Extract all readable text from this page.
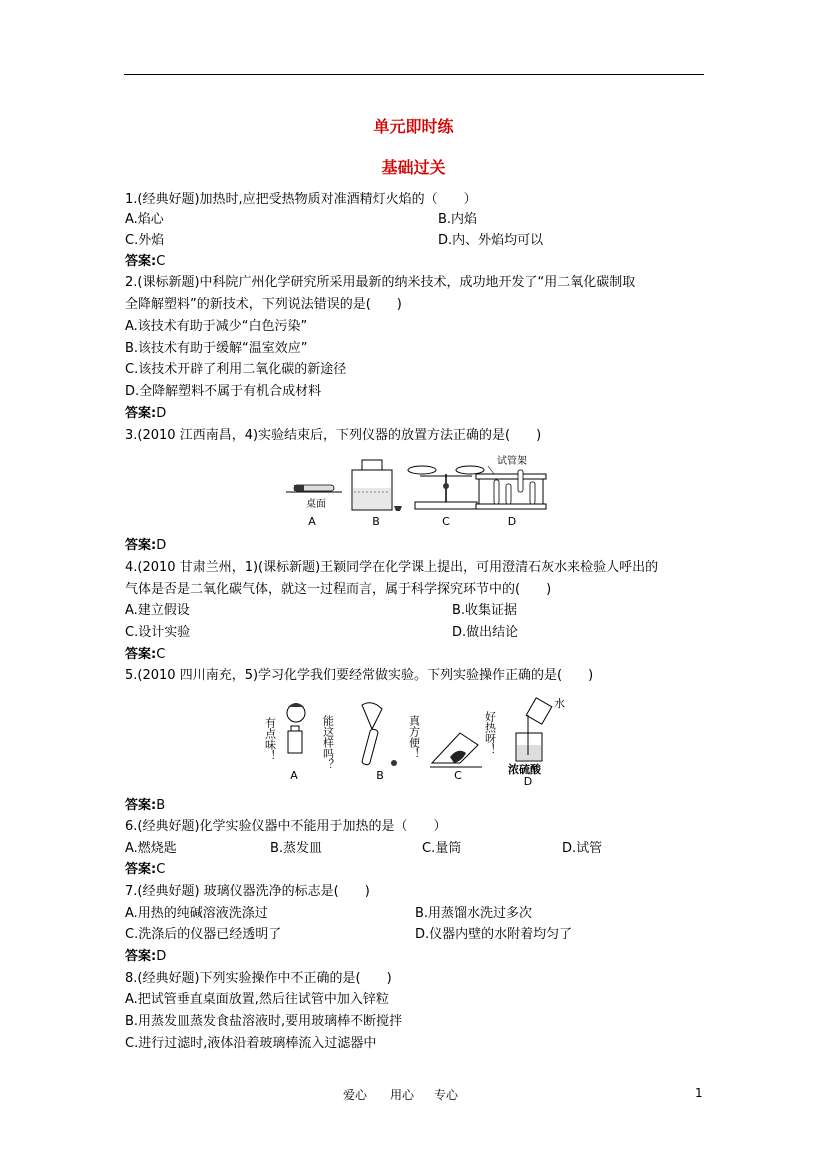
单元即时练
基础过关
1.(经典好题)加热时,应把受热物质对准酒精灯火焰的（　　）
A.焰心	B.内焰
C.外焰	D.内、外焰均可以
答案:C
2.(课标新题)中科院广州化学研究所采用最新的纳米技术，成功地开发了“用二氧化碳制取
全降解塑料”的新技术，下列说法错误的是(　　)
A.该技术有助于减少“白色污染”
B.该技术有助于缓解“温室效应”
C.该技术开辟了利用二氧化碳的新途径
D.全降解塑料不属于有机合成材料
答案:D
3.(2010 江西南昌，4)实验结束后，下列仪器的放置方法正确的是(　　)
桌面
A	B	C
试管架
D
答案:D
4.(2010 甘肃兰州，1)(课标新题)王颖同学在化学课上提出，可用澄清石灰水来检验人呼出的
气体是否是二氧化碳气体，就这一过程而言，属于科学探究环节中的(　　)
A.建立假设	B.收集证据
C.设计实验	D.做出结论
答案:C
5.(2010 四川南充，5)学习化学我们要经常做实验。下列实验操作正确的是(　　)
有点味！
A
能这样吗？
B
真方便！
C
好热呀！
水
浓硫酸
D
答案:B
6.(经典好题)化学实验仪器中不能用于加热的是（　　）
A.燃烧匙	B.蒸发皿	C.量筒	D.试管
答案:C
7.(经典好题) 玻璃仪器洗净的标志是(　　)
A.用热的纯碱溶液洗涤过	B.用蒸馏水洗过多次
C.洗涤后的仪器已经透明了	D.仪器内壁的水附着均匀了
答案:D
8.(经典好题)下列实验操作中不正确的是(　　)
A.把试管垂直桌面放置,然后往试管中加入锌粒
B.用蒸发皿蒸发食盐溶液时,要用玻璃棒不断搅拌
C.进行过滤时,液体沿着玻璃棒流入过滤器中
爱心 用心 专心	1
